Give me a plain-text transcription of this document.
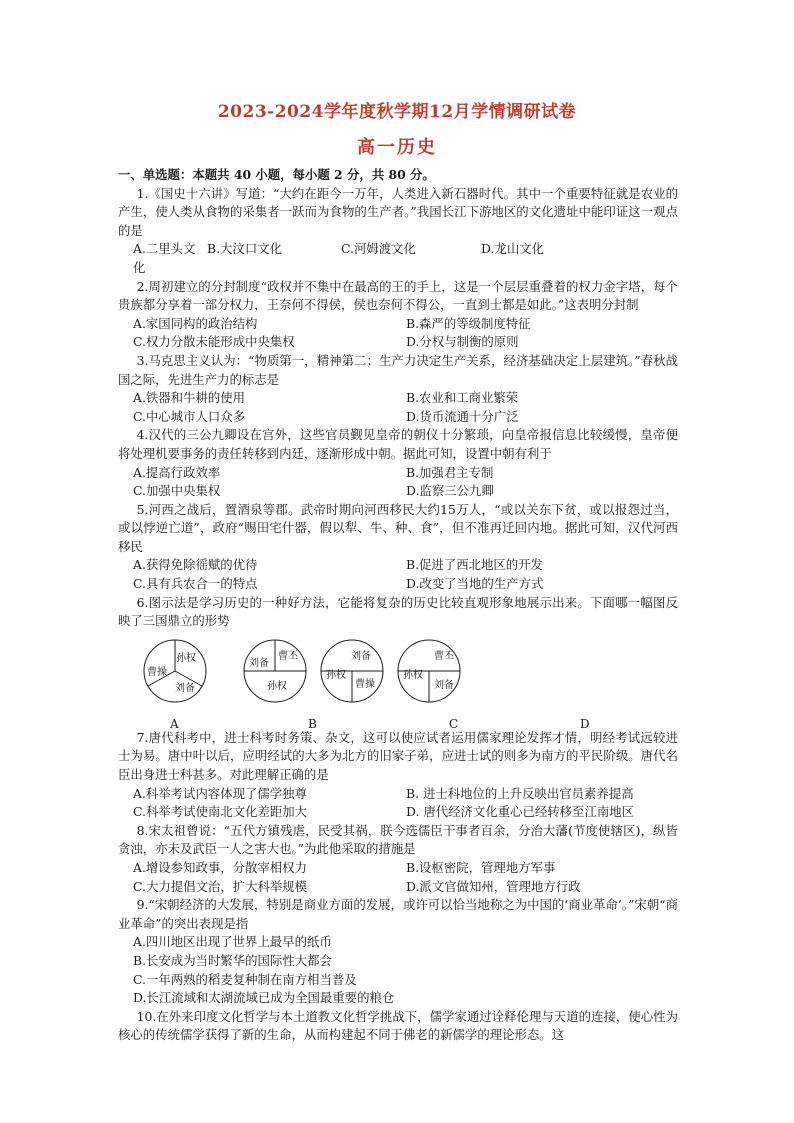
2023-2024学年度秋学期12月学情调研试卷
高一历史

一、单选题：本题共 40 小题，每小题 2 分，共 80 分。

1.《国史十六讲》写道：“大约在距今一万年，人类进入新石器时代。其中一个重要特征就是农业的产生，使人类从食物的采集者一跃而为食物的生产者。”我国长江下游地区的文化遗址中能印证这一观点的是

A.二里头文化
B.大汶口文化	C.河姆渡文化	D.龙山文化

2.周初建立的分封制度“政权并不集中在最高的王的手上，这是一个层层重叠着的权力金字塔，每个贵族都分享着一部分权力，王奈何不得侯，侯也奈何不得公，一直到士都是如此。”这表明分封制

A.家国同构的政治结构	B.森严的等级制度特征
C.权力分散未能形成中央集权	D.分权与制衡的原则

3.马克思主义认为：“物质第一，精神第二；生产力决定生产关系，经济基础决定上层建筑。”春秋战国之际，先进生产力的标志是

A.铁器和牛耕的使用	B.农业和工商业繁荣
C.中心城市人口众多	D.货币流通十分广泛

4.汉代的三公九卿设在宫外，这些官员觐见皇帝的朝仪十分繁琐，向皇帝报信息比较缓慢，皇帝便将处理机要事务的责任转移到内廷，逐渐形成中朝。据此可知，设置中朝有利于

A.提高行政效率	B.加强君主专制
C.加强中央集权	D.监察三公九卿

5.河西之战后，置酒泉等郡。武帝时期向河西移民大约15万人，“或以关东下贫，或以报怨过当，或以悖逆亡道”，政府“赐田宅什器，假以犁、牛、种、食”，但不准再迁回内地。据此可知，汉代河西移民

A.获得免除徭赋的优待	B.促进了西北地区的开发
C.具有兵农合一的特点	D.改变了当地的生产方式

6.图示法是学习历史的一种好方法，它能将复杂的历史比较直观形象地展示出来。下面哪一幅图反映了三国鼎立的形势

孙权
曹操
刘备
A
曹丕
刘备
孙权
刘备
孙权
曹操
曹丕
孙权
刘备
B	C	D

7.唐代科考中，进士科考时务策、杂文，这可以使应试者运用儒家理论发挥才情，明经考试远较进士为易。唐中叶以后，应明经试的大多为北方的旧家子弟，应进士试的则多为南方的平民阶级。唐代名臣出身进士科甚多。对此理解正确的是

A.科举考试内容体现了儒学独尊	B. 进士科地位的上升反映出官员素养提高
C.科举考试使南北文化差距加大	D. 唐代经济文化重心已经转移至江南地区

8.宋太祖曾说：“五代方镇残虐，民受其祸，朕今选儒臣干事者百余，分治大藩(节度使辖区)，纵皆贪浊，亦未及武臣一人之害大也。”为此他采取的措施是

A.增设参知政事，分散宰相权力	B.设枢密院，管理地方军事
C.大力提倡文治，扩大科举规模	D.派文官做知州，管理地方行政

9.“宋朝经济的大发展，特别是商业方面的发展，或许可以恰当地称之为中国的‘商业革命’。”宋朝“商业革命”的突出表现是指

A.四川地区出现了世界上最早的纸币

B.长安成为当时繁华的国际性大都会

C.一年两熟的稻麦复种制在南方相当普及

D.长江流域和太湖流域已成为全国最重要的粮仓

10.在外来印度文化哲学与本土道教文化哲学挑战下，儒学家通过诠释伦理与天道的连接，使心性为核心的传统儒学获得了新的生命，从而构建起不同于佛老的新儒学的理论形态。这
